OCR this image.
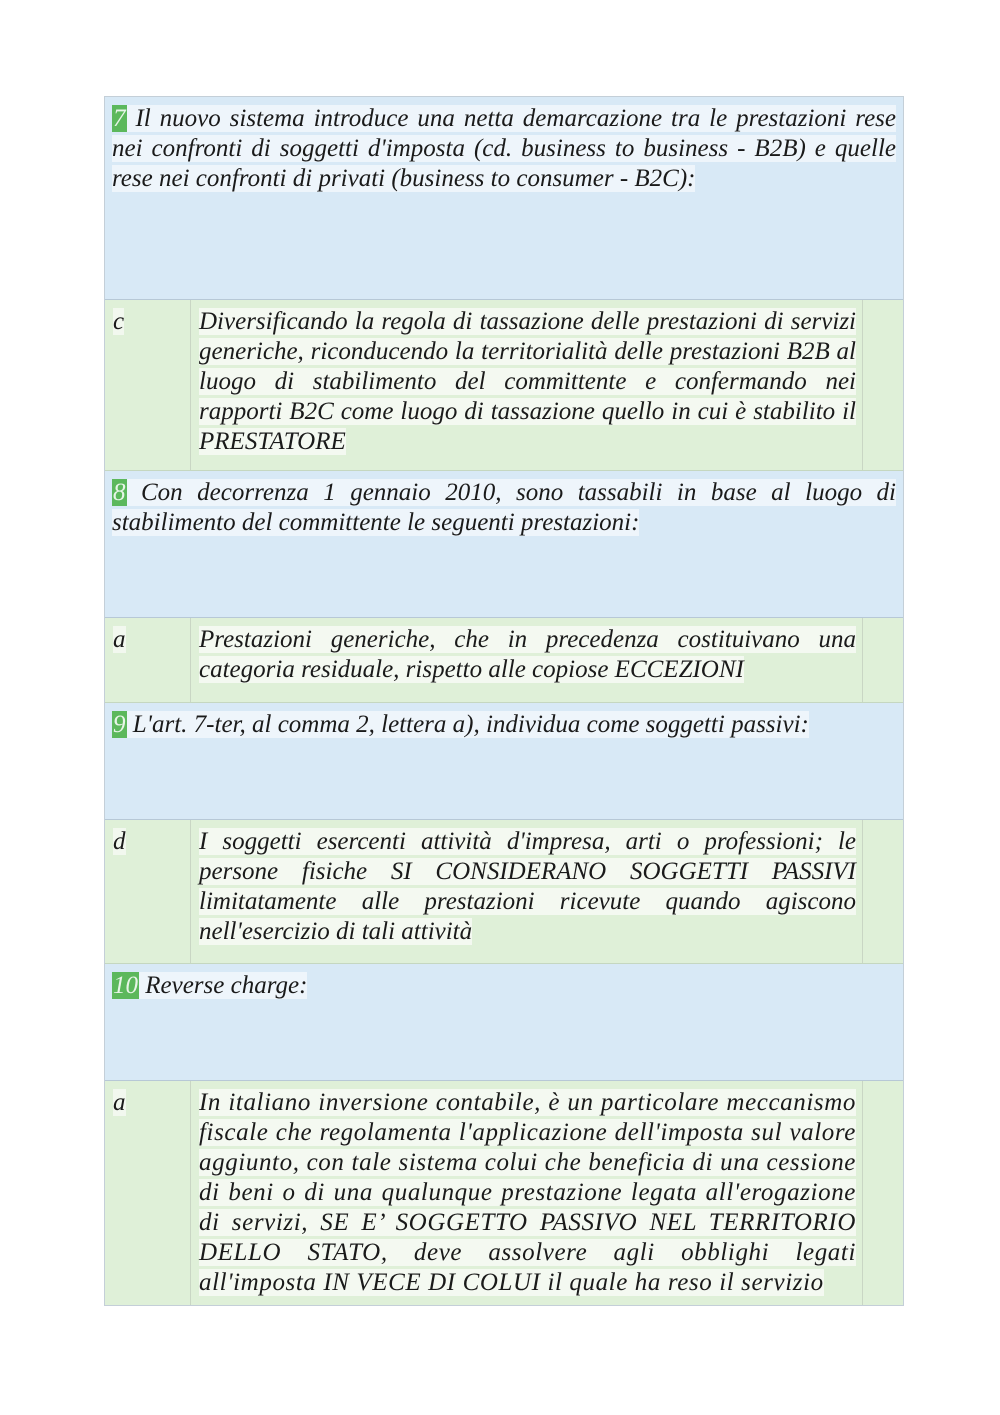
7 Il nuovo sistema introduce una netta demarcazione tra le prestazioni rese nei confronti di soggetti d'imposta (cd. business to business - B2B) e quelle rese nei confronti di privati (business to consumer - B2C):
c	Diversificando la regola di tassazione delle prestazioni di servizi generiche, riconducendo la territorialità delle prestazioni B2B al luogo di stabilimento del committente e confermando nei rapporti B2C come luogo di tassazione quello in cui è stabilito il PRESTATORE
8 Con decorrenza 1 gennaio 2010, sono tassabili in base al luogo di stabilimento del committente le seguenti prestazioni:
a	Prestazioni generiche, che in precedenza costituivano una categoria residuale, rispetto alle copiose ECCEZIONI
9 L'art. 7-ter, al comma 2, lettera a), individua come soggetti passivi:
d	I soggetti esercenti attività d'impresa, arti o professioni; le persone fisiche SI CONSIDERANO SOGGETTI PASSIVI limitatamente alle prestazioni ricevute quando agiscono nell'esercizio di tali attività
10 Reverse charge:
a	In italiano inversione contabile, è un particolare meccanismo fiscale che regolamenta l'applicazione dell'imposta sul valore aggiunto, con tale sistema colui che beneficia di una cessione di beni o di una qualunque prestazione legata all'erogazione di servizi, SE E’ SOGGETTO PASSIVO NEL TERRITORIO DELLO STATO, deve assolvere agli obblighi legati all'imposta IN VECE DI COLUI il quale ha reso il servizio
